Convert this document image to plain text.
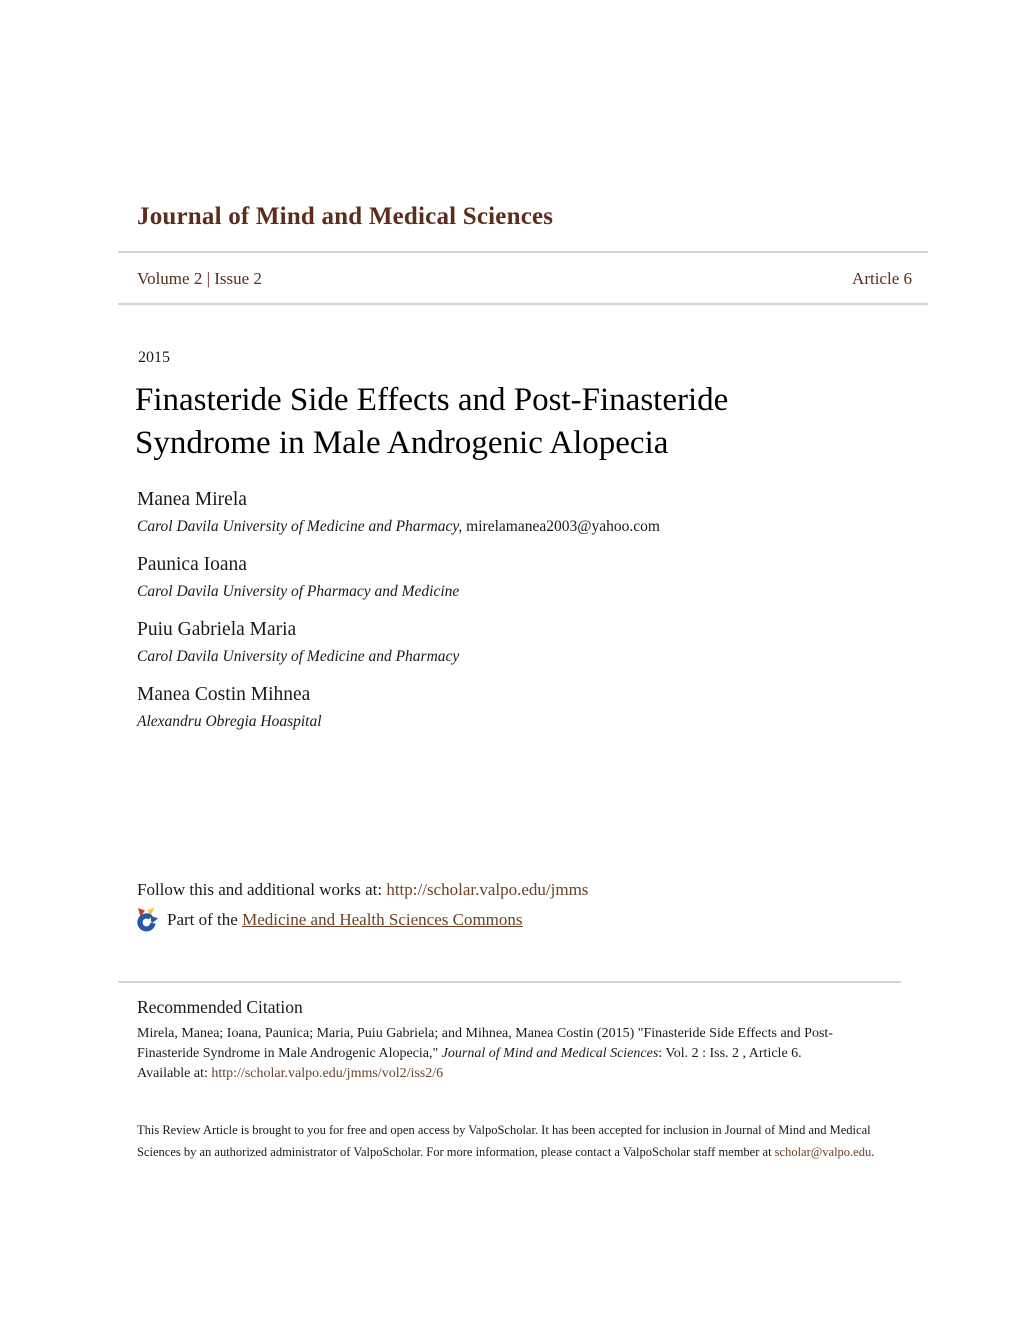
Journal of Mind and Medical Sciences
Volume 2 | Issue 2	Article 6
2015
Finasteride Side Effects and Post-Finasteride
Syndrome in Male Androgenic Alopecia
Manea Mirela
Carol Davila University of Medicine and Pharmacy, mirelamanea2003@yahoo.com
Paunica Ioana
Carol Davila University of Pharmacy and Medicine
Puiu Gabriela Maria
Carol Davila University of Medicine and Pharmacy
Manea Costin Mihnea
Alexandru Obregia Hoaspital
Follow this and additional works at: http://scholar.valpo.edu/jmms
Part of the Medicine and Health Sciences Commons
Recommended Citation

Mirela, Manea; Ioana, Paunica; Maria, Puiu Gabriela; and Mihnea, Manea Costin (2015) "Finasteride Side Effects and Post-
Finasteride Syndrome in Male Androgenic Alopecia," Journal of Mind and Medical Sciences: Vol. 2 : Iss. 2 , Article 6.
Available at: http://scholar.valpo.edu/jmms/vol2/iss2/6

This Review Article is brought to you for free and open access by ValpoScholar. It has been accepted for inclusion in Journal of Mind and Medical
Sciences by an authorized administrator of ValpoScholar. For more information, please contact a ValpoScholar staff member at scholar@valpo.edu.
